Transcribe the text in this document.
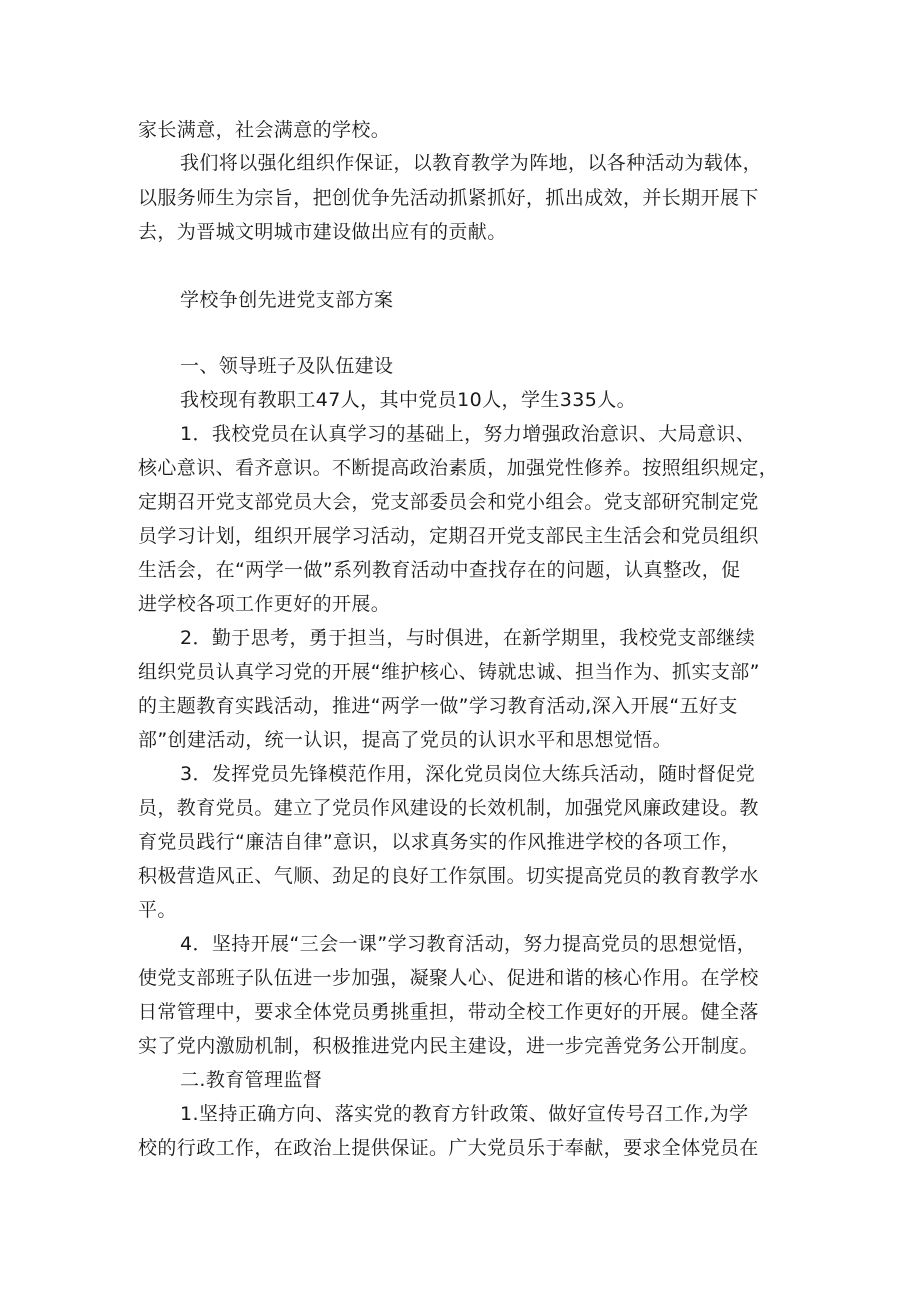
家长满意，社会满意的学校。
我们将以强化组织作保证，以教育教学为阵地，以各种活动为载体，
以服务师生为宗旨，把创优争先活动抓紧抓好，抓出成效，并长期开展下
去，为晋城文明城市建设做出应有的贡献。
学校争创先进党支部方案
一、领导班子及队伍建设
我校现有教职工47人，其中党员10人，学生335人。
1．我校党员在认真学习的基础上，努力增强政治意识、大局意识、
核心意识、看齐意识。不断提高政治素质，加强党性修养。按照组织规定，
定期召开党支部党员大会，党支部委员会和党小组会。党支部研究制定党
员学习计划，组织开展学习活动，定期召开党支部民主生活会和党员组织
生活会，在“两学一做”系列教育活动中查找存在的问题，认真整改，促
进学校各项工作更好的开展。
2．勤于思考，勇于担当，与时俱进，在新学期里，我校党支部继续
组织党员认真学习党的开展“维护核心、铸就忠诚、担当作为、抓实支部”
的主题教育实践活动，推进“两学一做”学习教育活动,深入开展“五好支
部”创建活动，统一认识，提高了党员的认识水平和思想觉悟。
3．发挥党员先锋模范作用，深化党员岗位大练兵活动，随时督促党
员，教育党员。建立了党员作风建设的长效机制，加强党风廉政建设。教
育党员践行“廉洁自律”意识，以求真务实的作风推进学校的各项工作，
积极营造风正、气顺、劲足的良好工作氛围。切实提高党员的教育教学水
平。
4．坚持开展“三会一课”学习教育活动，努力提高党员的思想觉悟，
使党支部班子队伍进一步加强，凝聚人心、促进和谐的核心作用。在学校
日常管理中，要求全体党员勇挑重担，带动全校工作更好的开展。健全落
实了党内激励机制，积极推进党内民主建设，进一步完善党务公开制度。
二.教育管理监督
1.坚持正确方向、落实党的教育方针政策、做好宣传号召工作,为学
校的行政工作，在政治上提供保证。广大党员乐于奉献，要求全体党员在
